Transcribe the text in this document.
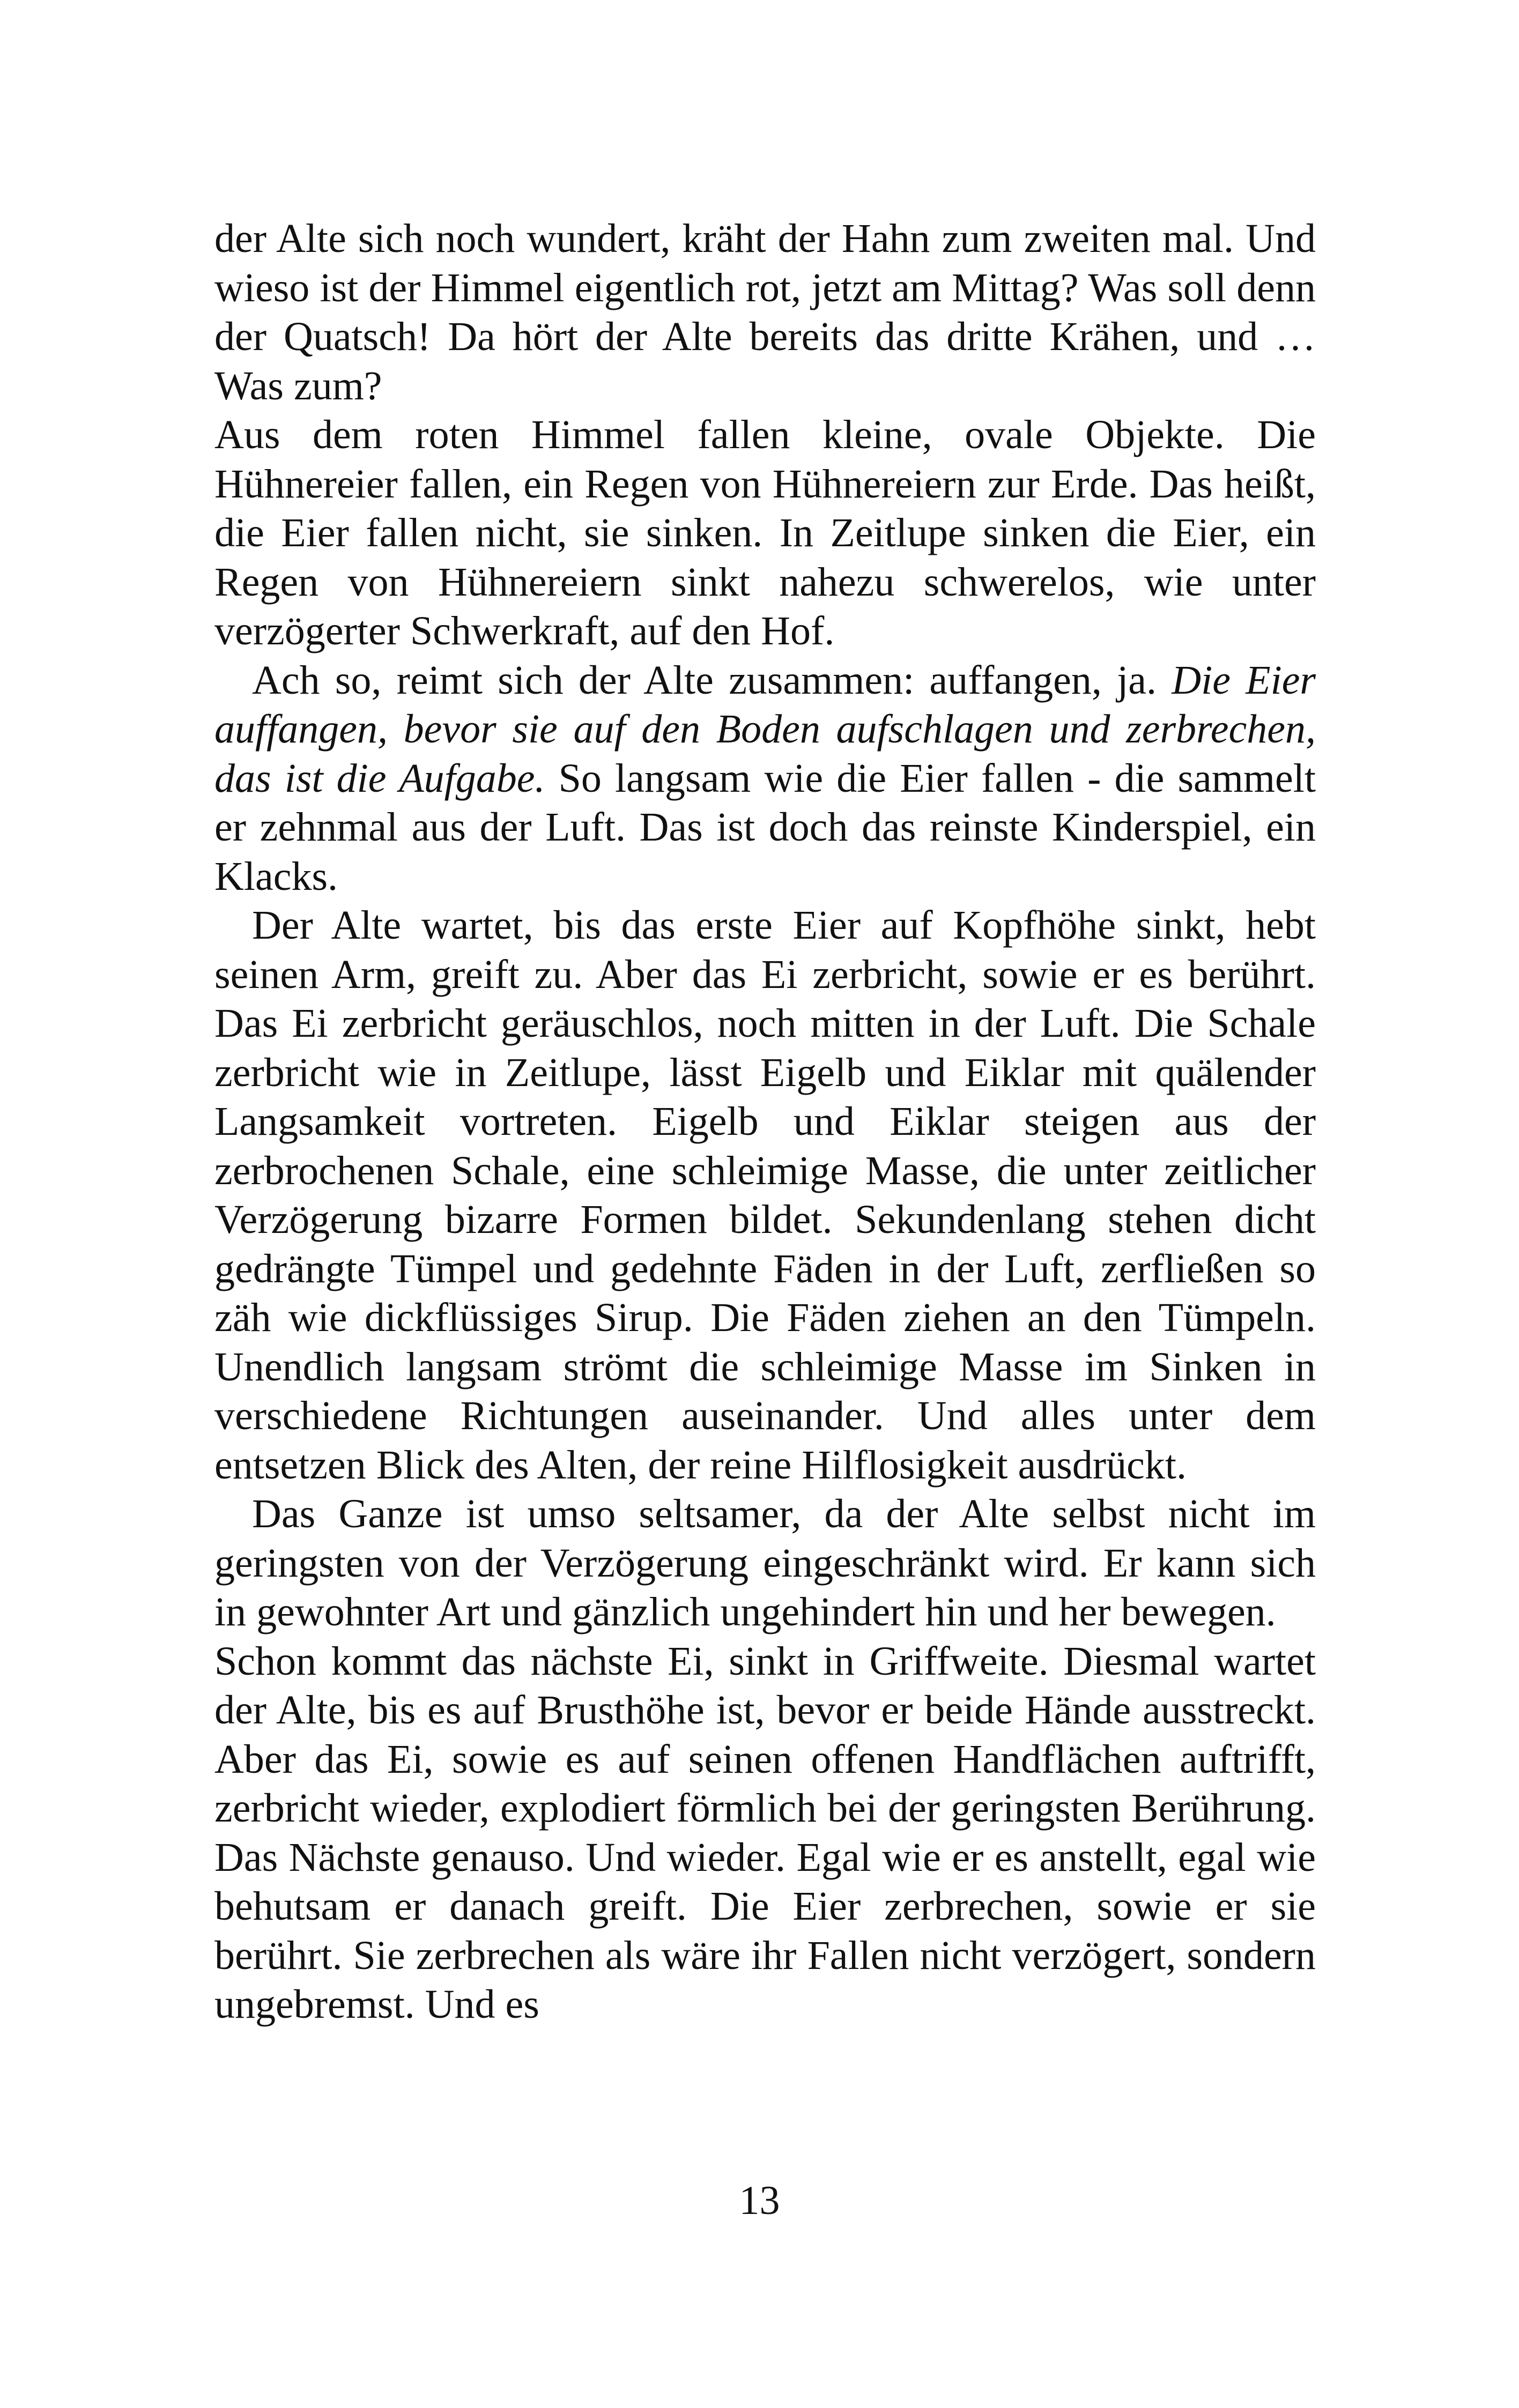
der Alte sich noch wundert, kräht der Hahn zum zweiten mal. Und wieso ist der Himmel eigentlich rot, jetzt am Mittag? Was soll denn der Quatsch! Da hört der Alte bereits das dritte Krähen, und … Was zum?

Aus dem roten Himmel fallen kleine, ovale Objekte. Die Hühnereier fallen, ein Regen von Hühnereiern zur Erde. Das heißt, die Eier fallen nicht, sie sinken. In Zeitlupe sinken die Eier, ein Regen von Hühnereiern sinkt nahezu schwerelos, wie unter verzögerter Schwerkraft, auf den Hof.

Ach so, reimt sich der Alte zusammen: auffangen, ja. Die Eier auffangen, bevor sie auf den Boden aufschlagen und zerbrechen, das ist die Aufgabe. So langsam wie die Eier fallen - die sammelt er zehnmal aus der Luft. Das ist doch das reinste Kinderspiel, ein Klacks.

Der Alte wartet, bis das erste Eier auf Kopfhöhe sinkt, hebt seinen Arm, greift zu. Aber das Ei zerbricht, sowie er es berührt. Das Ei zerbricht geräuschlos, noch mitten in der Luft. Die Schale zerbricht wie in Zeitlupe, lässt Eigelb und Eiklar mit quälender Langsamkeit vortreten. Eigelb und Eiklar steigen aus der zerbrochenen Schale, eine schleimige Masse, die unter zeitlicher Verzögerung bizarre Formen bildet. Sekundenlang stehen dicht gedrängte Tümpel und gedehnte Fäden in der Luft, zerfließen so zäh wie dickflüssiges Sirup. Die Fäden ziehen an den Tümpeln. Unendlich langsam strömt die schleimige Masse im Sinken in verschiedene Richtungen auseinander. Und alles unter dem entsetzen Blick des Alten, der reine Hilflosigkeit ausdrückt.

Das Ganze ist umso seltsamer, da der Alte selbst nicht im geringsten von der Verzögerung eingeschränkt wird. Er kann sich in gewohnter Art und gänzlich ungehindert hin und her bewegen.

Schon kommt das nächste Ei, sinkt in Griffweite. Diesmal wartet der Alte, bis es auf Brusthöhe ist, bevor er beide Hände ausstreckt. Aber das Ei, sowie es auf seinen offenen Handflächen auftrifft, zerbricht wieder, explodiert förmlich bei der geringsten Berührung. Das Nächste genauso. Und wieder. Egal wie er es anstellt, egal wie behutsam er danach greift. Die Eier zerbrechen, sowie er sie berührt. Sie zerbrechen als wäre ihr Fallen nicht verzögert, sondern ungebremst. Und es

13
